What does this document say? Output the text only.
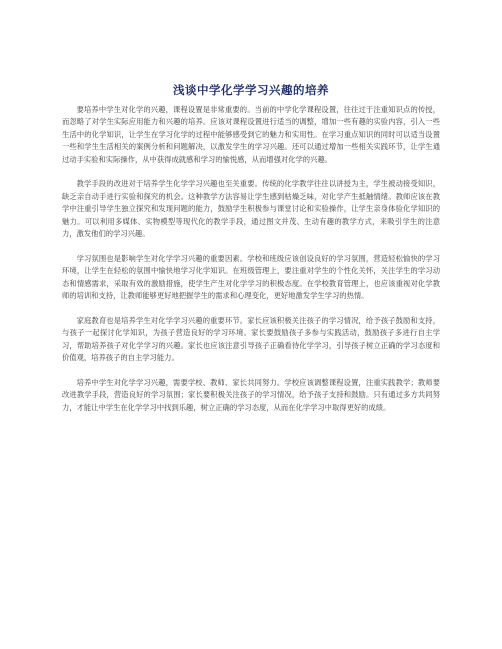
浅谈中学化学学习兴趣的培养

要培养中学生对化学的兴趣，课程设置是非常重要的。当前的中学化学课程设置，往往过于注重知识点的传授，而忽略了对学生实际应用能力和兴趣的培养。应该对课程设置进行适当的调整，增加一些有趣的实验内容，引入一些生活中的化学知识，让学生在学习化学的过程中能够感受到它的魅力和实用性。在学习重点知识的同时可以适当设置一些和学生生活相关的案例分析和问题解决，以激发学生的学习兴趣。还可以通过增加一些相关实践环节，让学生通过动手实验和实际操作，从中获得成就感和学习的愉悦感，从而增强对化学的兴趣。

教学手段的改进对于培养学生化学学习兴趣也至关重要。传统的化学教学往往以讲授为主，学生被动接受知识，缺乏亲自动手进行实验和探究的机会。这种教学方法容易让学生感到枯燥乏味，对化学产生抵触情绪。教师应该在教学中注重引导学生独立探究和发现问题的能力，鼓励学生积极参与课堂讨论和实验操作，让学生亲身体验化学知识的魅力。可以利用多媒体、实物模型等现代化的教学手段，通过图文并茂、生动有趣的教学方式，来吸引学生的注意力，激发他们的学习兴趣。

学习氛围也是影响学生对化学学习兴趣的重要因素。学校和班级应该创设良好的学习氛围，营造轻松愉快的学习环境，让学生在轻松的氛围中愉快地学习化学知识。在班级管理上，要注重对学生的个性化关怀，关注学生的学习动态和情感需求，采取有效的激励措施，使学生产生对化学学习的积极态度。在学校教育管理上，也应该重视对化学教师的培训和支持，让教师能够更好地把握学生的需求和心理变化，更好地激发学生学习的热情。

家庭教育也是培养学生对化学学习兴趣的重要环节。家长应该积极关注孩子的学习情况，给予孩子鼓励和支持，与孩子一起探讨化学知识，为孩子营造良好的学习环境。家长要鼓励孩子多参与实践活动，鼓励孩子多进行自主学习，帮助培养孩子对化学学习的兴趣。家长也应该注意引导孩子正确看待化学学习，引导孩子树立正确的学习态度和价值观，培养孩子的自主学习能力。

培养中学生对化学学习兴趣，需要学校、教师、家长共同努力。学校应该调整课程设置，注重实践教学；教师要改进教学手段，营造良好的学习氛围；家长要积极关注孩子的学习情况，给予孩子支持和鼓励。只有通过多方共同努力，才能让中学生在化学学习中找到乐趣，树立正确的学习态度，从而在化学学习中取得更好的成绩。
